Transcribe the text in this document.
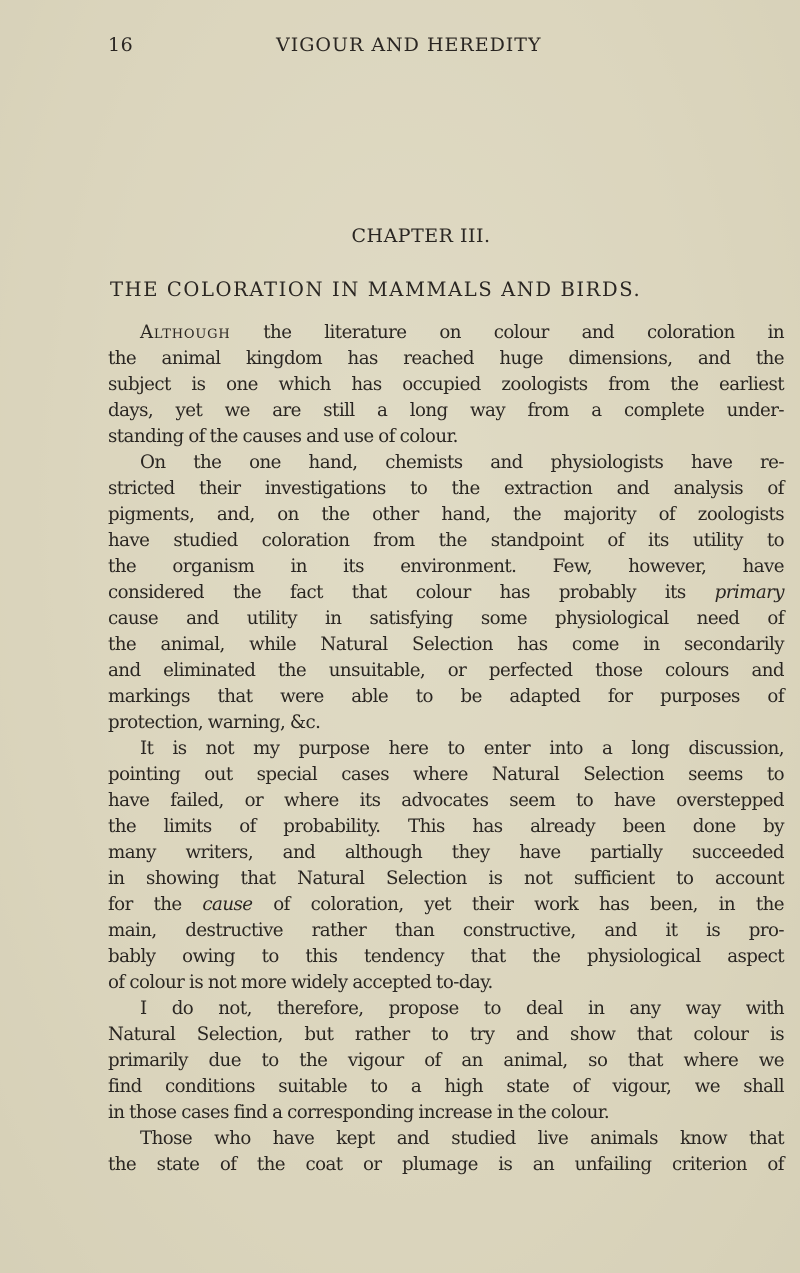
16	VIGOUR AND HEREDITY
CHAPTER III.
THE COLORATION IN MAMMALS AND BIRDS.
Although the literature on colour and coloration in
the animal kingdom has reached huge dimensions, and the
subject is one which has occupied zoologists from the earliest
days, yet we are still a long way from a complete under-
standing of the causes and use of colour.
On the one hand, chemists and physiologists have re-
stricted their investigations to the extraction and analysis of
pigments, and, on the other hand, the majority of zoologists
have studied coloration from the standpoint of its utility to
the organism in its environment. Few, however, have
considered the fact that colour has probably its primary
cause and utility in satisfying some physiological need of
the animal, while Natural Selection has come in secondarily
and eliminated the unsuitable, or perfected those colours and
markings that were able to be adapted for purposes of
protection, warning, &c.
It is not my purpose here to enter into a long discussion,
pointing out special cases where Natural Selection seems to
have failed, or where its advocates seem to have overstepped
the limits of probability. This has already been done by
many writers, and although they have partially succeeded
in showing that Natural Selection is not sufficient to account
for the cause of coloration, yet their work has been, in the
main, destructive rather than constructive, and it is pro-
bably owing to this tendency that the physiological aspect
of colour is not more widely accepted to-day.
I do not, therefore, propose to deal in any way with
Natural Selection, but rather to try and show that colour is
primarily due to the vigour of an animal, so that where we
find conditions suitable to a high state of vigour, we shall
in those cases find a corresponding increase in the colour.
Those who have kept and studied live animals know that
the state of the coat or plumage is an unfailing criterion of
